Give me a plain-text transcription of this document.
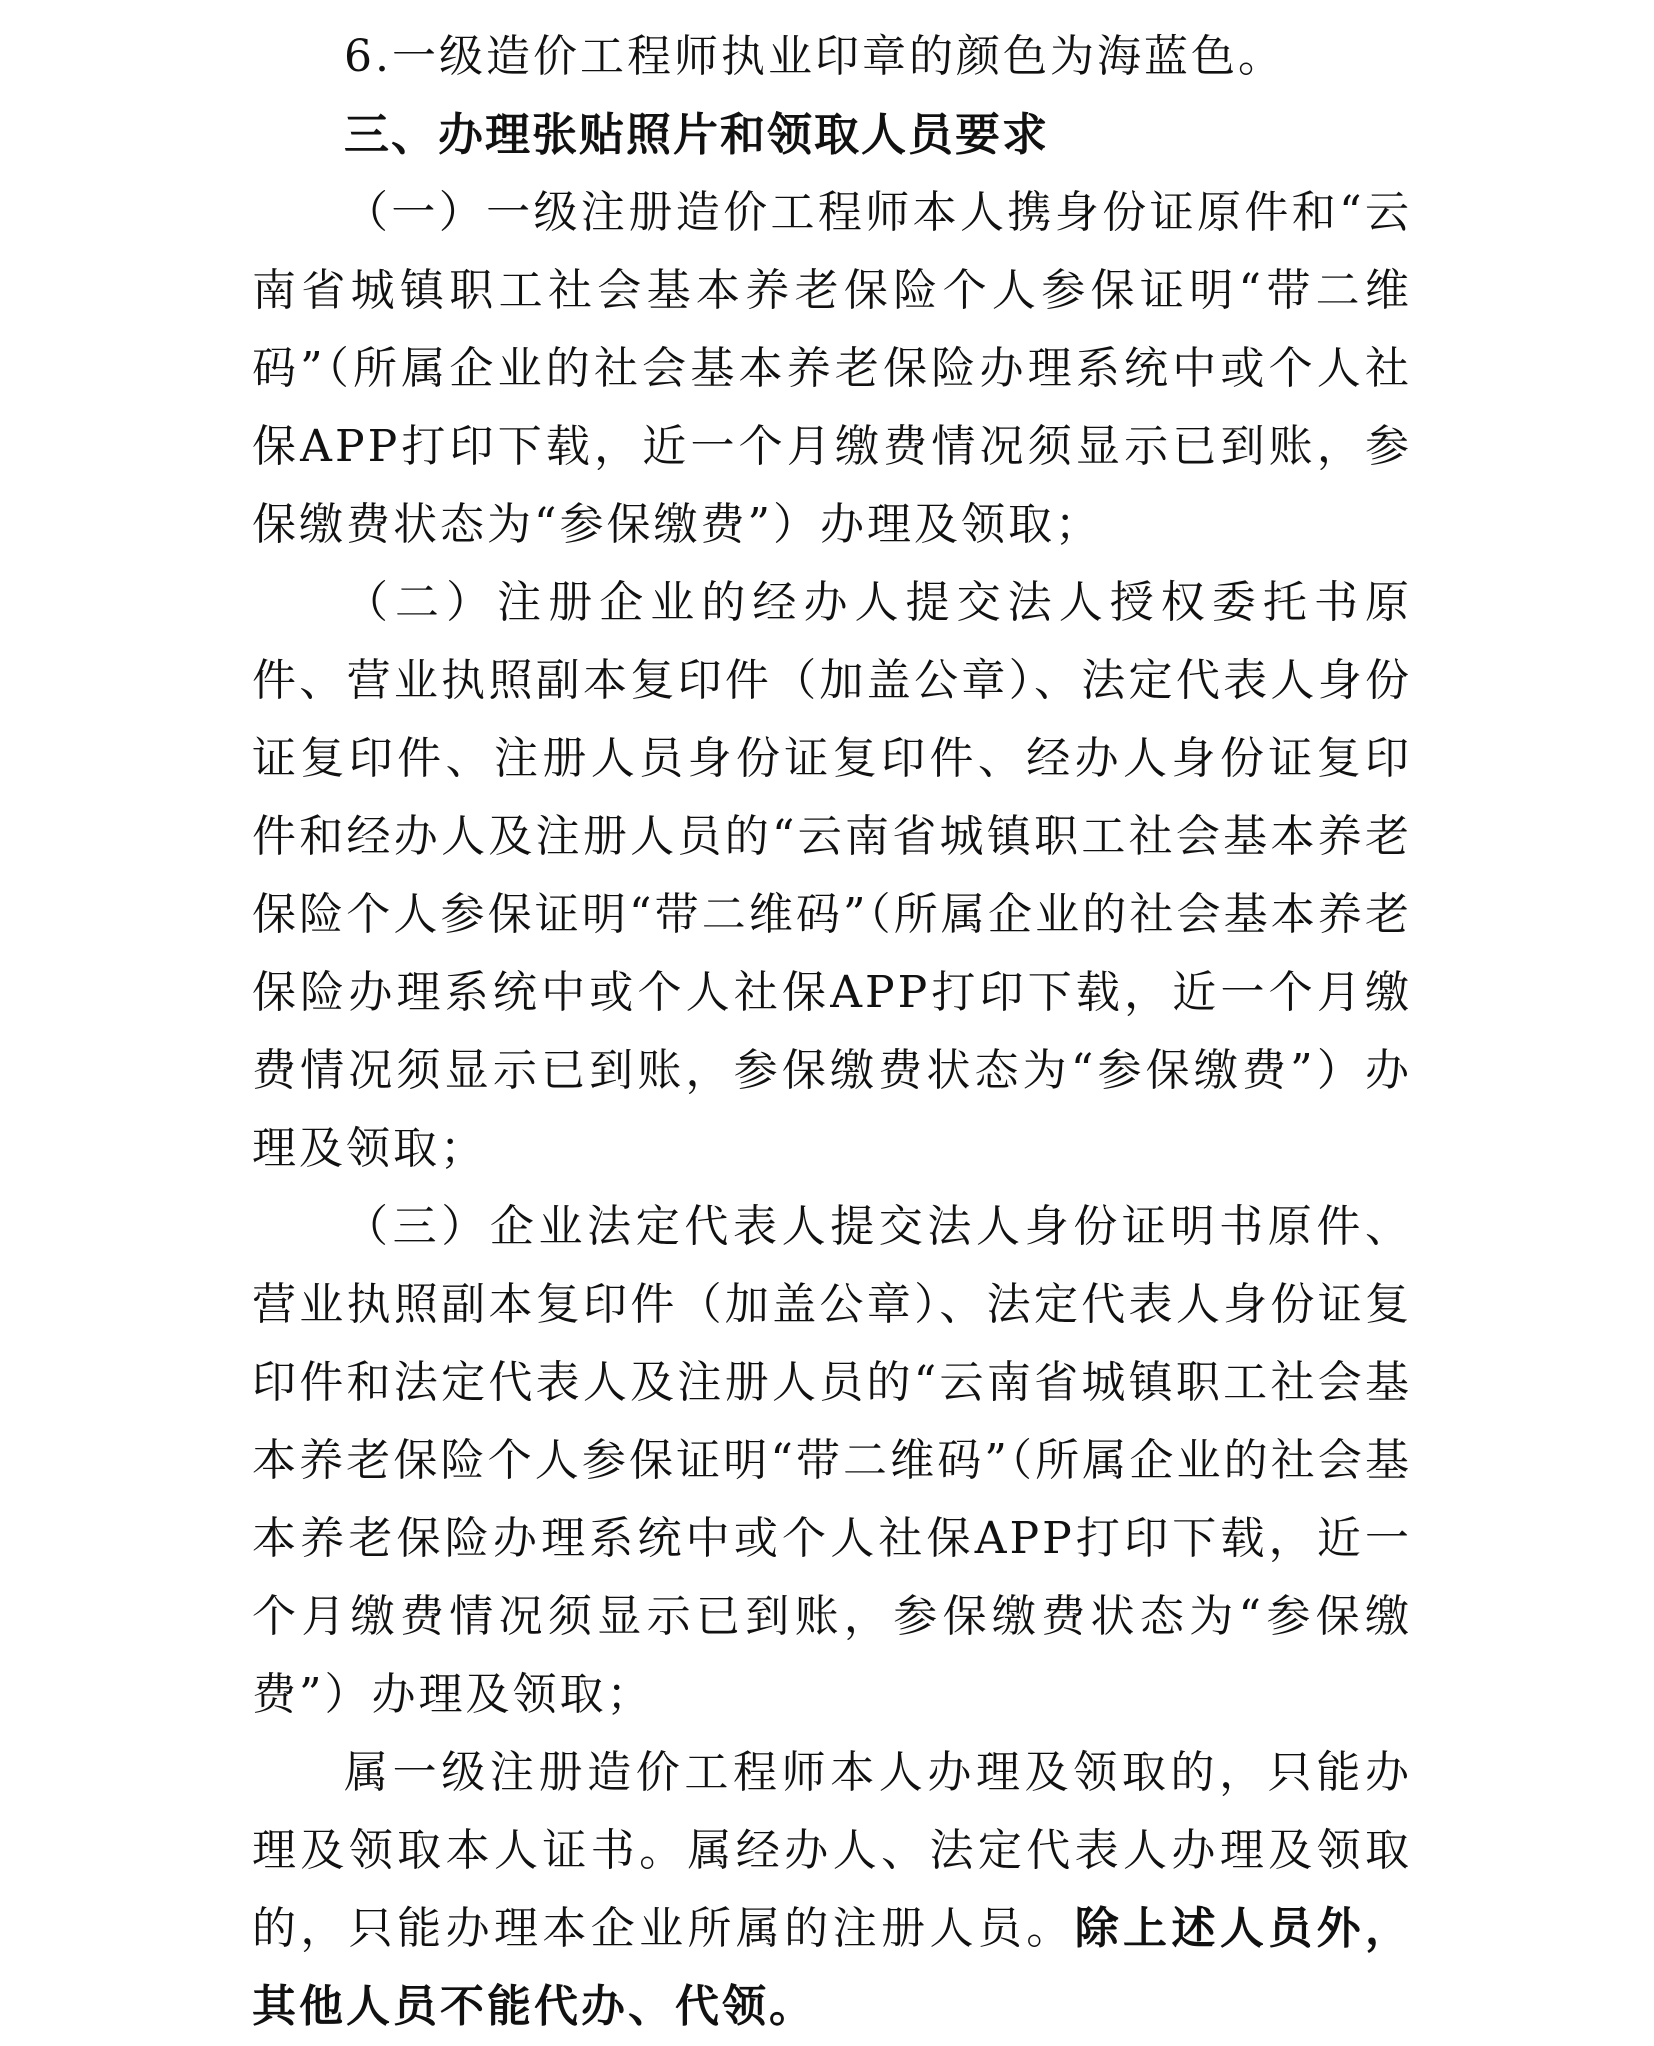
6.一级造价工程师执业印章的颜色为海蓝色。

三、办理张贴照片和领取人员要求

（一）一级注册造价工程师本人携身份证原件和“云南省城镇职工社会基本养老保险个人参保证明“带二维码”（所属企业的社会基本养老保险办理系统中或个人社保APP打印下载，近一个月缴费情况须显示已到账，参保缴费状态为“参保缴费”）办理及领取；

（二）注册企业的经办人提交法人授权委托书原件、营业执照副本复印件（加盖公章）、法定代表人身份证复印件、注册人员身份证复印件、经办人身份证复印件和经办人及注册人员的“云南省城镇职工社会基本养老保险个人参保证明“带二维码”（所属企业的社会基本养老保险办理系统中或个人社保APP打印下载，近一个月缴费情况须显示已到账，参保缴费状态为“参保缴费”）办理及领取；

（三）企业法定代表人提交法人身份证明书原件、营业执照副本复印件（加盖公章）、法定代表人身份证复印件和法定代表人及注册人员的“云南省城镇职工社会基本养老保险个人参保证明“带二维码”（所属企业的社会基本养老保险办理系统中或个人社保APP打印下载，近一个月缴费情况须显示已到账，参保缴费状态为“参保缴费”）办理及领取；

属一级注册造价工程师本人办理及领取的，只能办理及领取本人证书。属经办人、法定代表人办理及领取的，只能办理本企业所属的注册人员。除上述人员外，其他人员不能代办、代领。
